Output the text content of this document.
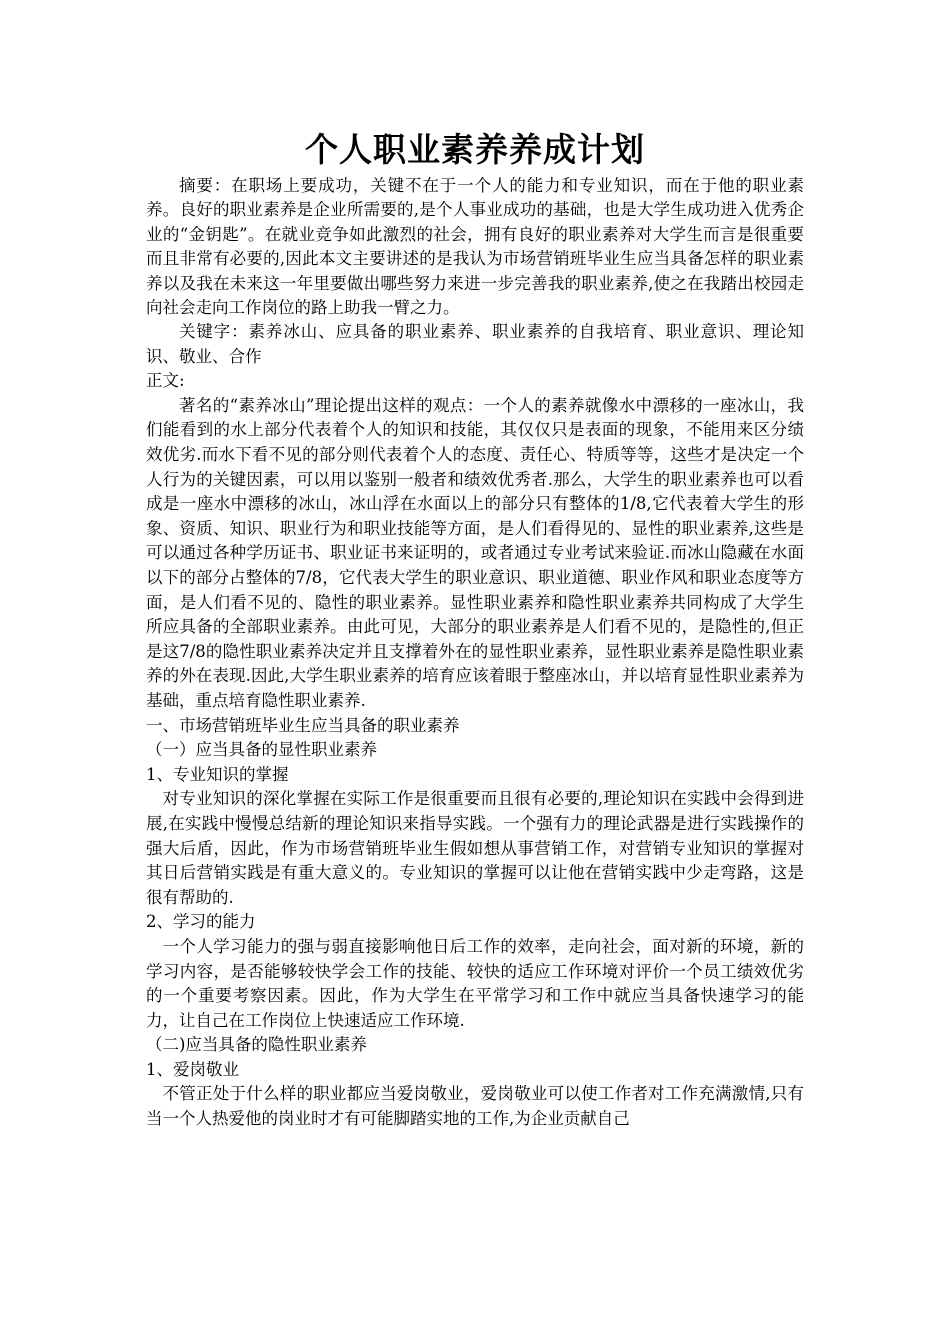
个人职业素养养成计划

摘要：在职场上要成功，关键不在于一个人的能力和专业知识，而在于他的职业素养。良好的职业素养是企业所需要的,是个人事业成功的基础，也是大学生成功进入优秀企业的“金钥匙”。在就业竞争如此激烈的社会，拥有良好的职业素养对大学生而言是很重要而且非常有必要的,因此本文主要讲述的是我认为市场营销班毕业生应当具备怎样的职业素养以及我在未来这一年里要做出哪些努力来进一步完善我的职业素养,使之在我踏出校园走向社会走向工作岗位的路上助我一臂之力。

关键字：素养冰山、应具备的职业素养、职业素养的自我培育、职业意识、理论知识、敬业、合作

正文:

著名的“素养冰山”理论提出这样的观点：一个人的素养就像水中漂移的一座冰山，我们能看到的水上部分代表着个人的知识和技能，其仅仅只是表面的现象，不能用来区分绩效优劣.而水下看不见的部分则代表着个人的态度、责任心、特质等等，这些才是决定一个人行为的关键因素，可以用以鉴别一般者和绩效优秀者.那么，大学生的职业素养也可以看成是一座水中漂移的冰山，冰山浮在水面以上的部分只有整体的1/8,它代表着大学生的形象、资质、知识、职业行为和职业技能等方面，是人们看得见的、显性的职业素养,这些是可以通过各种学历证书、职业证书来证明的，或者通过专业考试来验证.而冰山隐藏在水面以下的部分占整体的7/8，它代表大学生的职业意识、职业道德、职业作风和职业态度等方面，是人们看不见的、隐性的职业素养。显性职业素养和隐性职业素养共同构成了大学生所应具备的全部职业素养。由此可见，大部分的职业素养是人们看不见的，是隐性的,但正是这7/8的隐性职业素养决定并且支撑着外在的显性职业素养，显性职业素养是隐性职业素养的外在表现.因此,大学生职业素养的培育应该着眼于整座冰山，并以培育显性职业素养为基础，重点培育隐性职业素养.

一、市场营销班毕业生应当具备的职业素养

（一）应当具备的显性职业素养

1、专业知识的掌握

对专业知识的深化掌握在实际工作是很重要而且很有必要的,理论知识在实践中会得到进展,在实践中慢慢总结新的理论知识来指导实践。一个强有力的理论武器是进行实践操作的强大后盾，因此，作为市场营销班毕业生假如想从事营销工作，对营销专业知识的掌握对其日后营销实践是有重大意义的。专业知识的掌握可以让他在营销实践中少走弯路，这是很有帮助的.

2、学习的能力

一个人学习能力的强与弱直接影响他日后工作的效率，走向社会，面对新的环境，新的学习内容，是否能够较快学会工作的技能、较快的适应工作环境对评价一个员工绩效优劣的一个重要考察因素。因此，作为大学生在平常学习和工作中就应当具备快速学习的能力，让自己在工作岗位上快速适应工作环境.

（二)应当具备的隐性职业素养

1、爱岗敬业

不管正处于什么样的职业都应当爱岗敬业，爱岗敬业可以使工作者对工作充满激情,只有当一个人热爱他的岗业时才有可能脚踏实地的工作,为企业贡献自己
